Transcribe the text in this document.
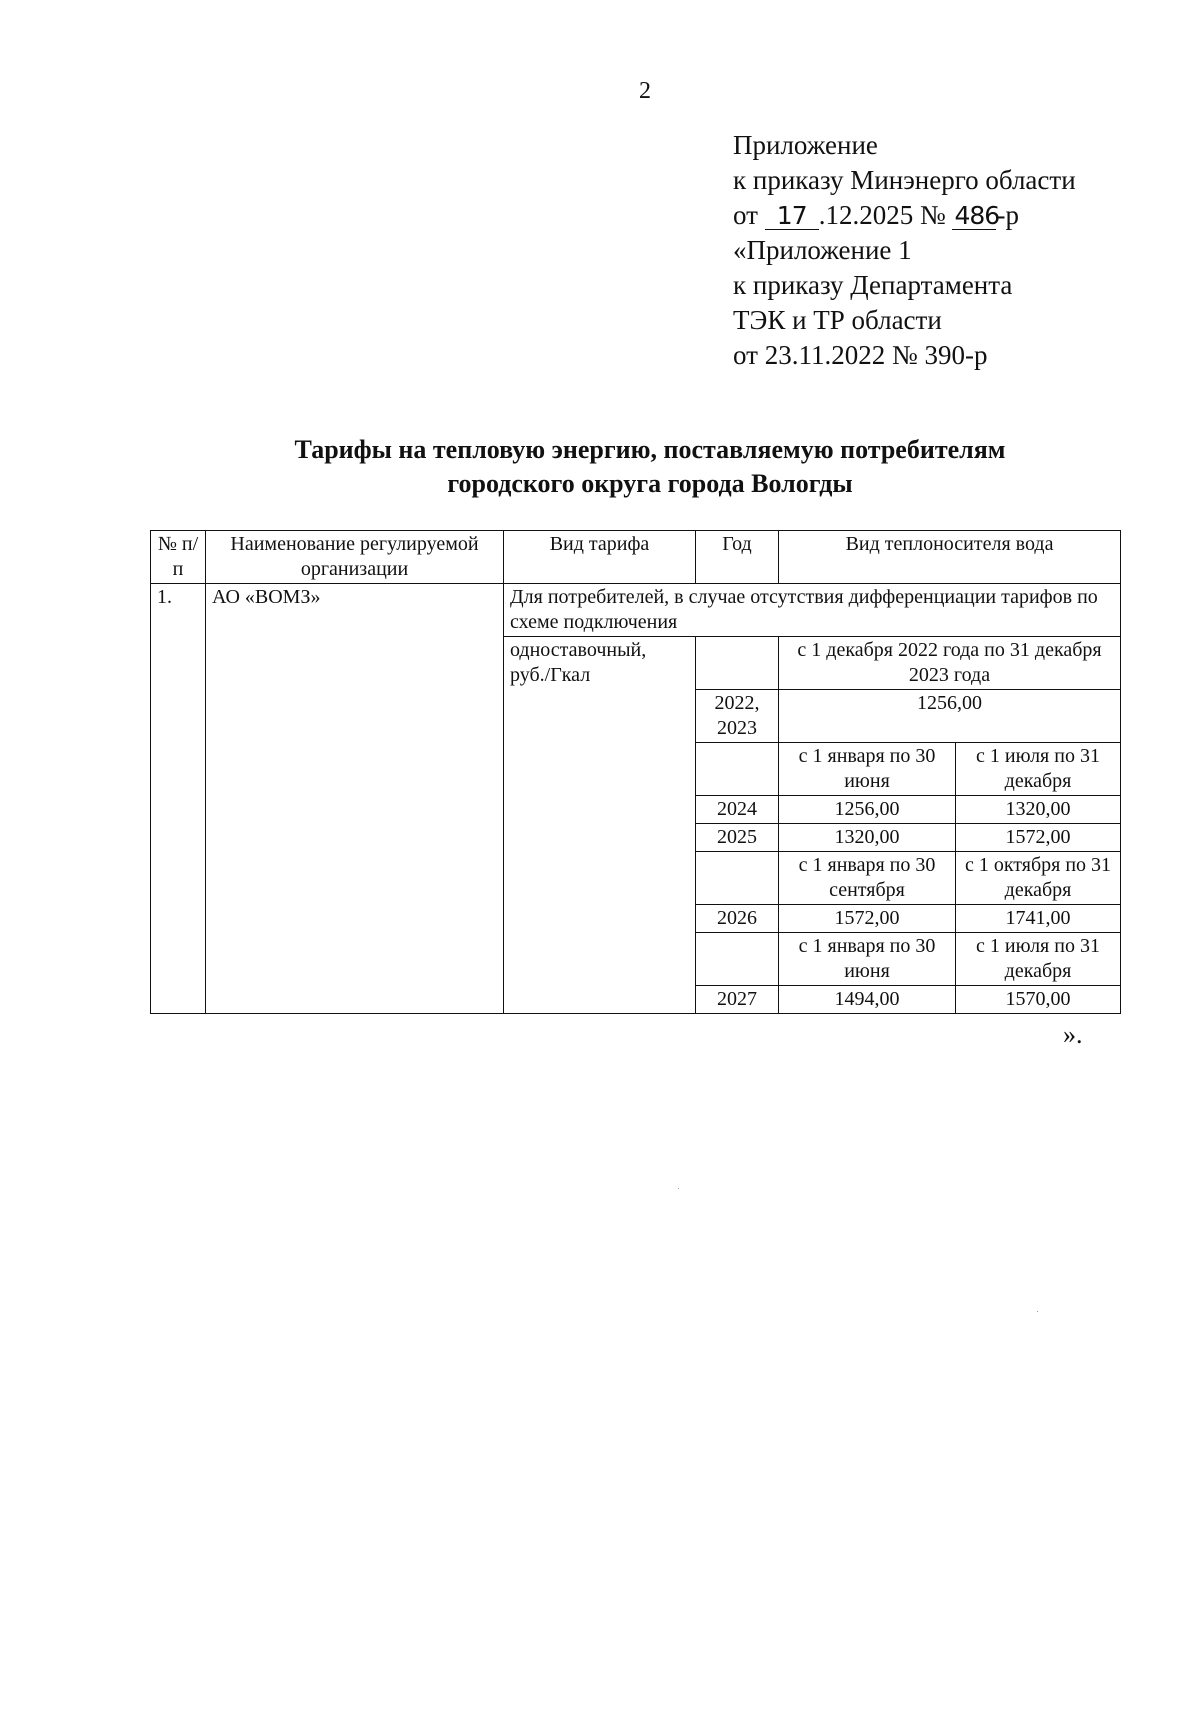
2
Приложение
к приказу Минэнерго области
от 17 .12.2025 № 486-р
«Приложение 1
к приказу Департамента
ТЭК и ТР области
от 23.11.2022 № 390-р
Тарифы на тепловую энергию, поставляемую потребителям
городского округа города Вологды
№ п/п	Наименование регулируемой организации	Вид тарифа	Год	Вид теплоносителя вода	
1.	АО «ВОМЗ»	Для потребителей, в случае отсутствия дифференциации тарифов по схеме подключения			
		одноставочный, руб./Гкал		с 1 декабря 2022 года по 31 декабря 2023 года	
			2022, 2023	1256,00	
				с 1 января по 30 июня	с 1 июля по 31 декабря
			2024	1256,00	1320,00
			2025	1320,00	1572,00
				с 1 января по 30 сентября	с 1 октября по 31 декабря
			2026	1572,00	1741,00
				с 1 января по 30 июня	с 1 июля по 31 декабря
			2027	1494,00	1570,00
».
